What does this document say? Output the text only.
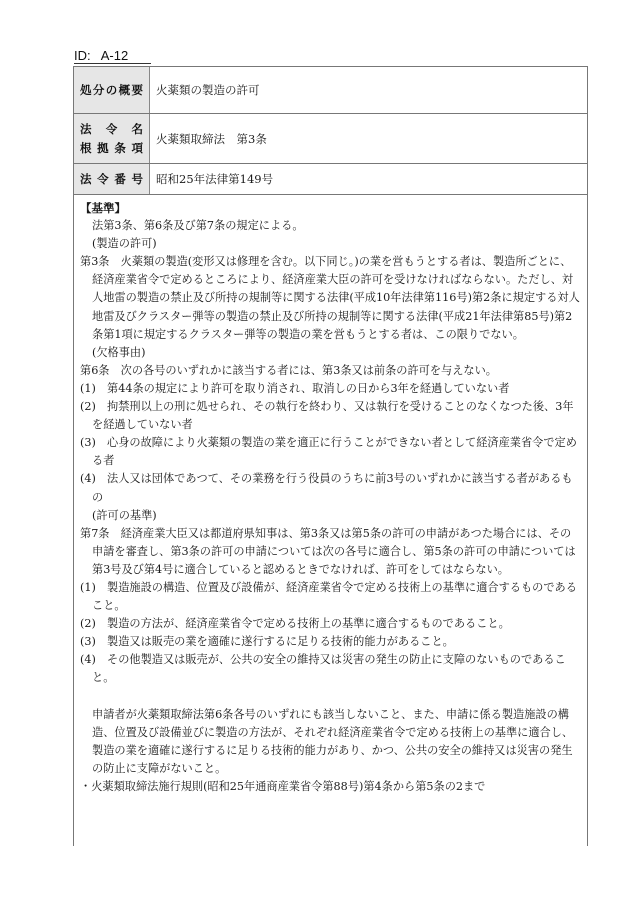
ID:   A-12
処分の概要	火薬類の製造の許可
法　令　名
根拠条項
火薬類取締法　第3条
法令番号	昭和25年法律第149号

【基準】

法第3条、第6条及び第7条の規定による。

(製造の許可)

第3条　火薬類の製造(変形又は修理を含む。以下同じ。)の業を営もうとする者は、製造所ごとに、経済産業省令で定めるところにより、経済産業大臣の許可を受けなければならない。ただし、対人地雷の製造の禁止及び所持の規制等に関する法律(平成10年法律第116号)第2条に規定する対人地雷及びクラスター弾等の製造の禁止及び所持の規制等に関する法律(平成21年法律第85号)第2条第1項に規定するクラスター弾等の製造の業を営もうとする者は、この限りでない。

(欠格事由)

第6条　次の各号のいずれかに該当する者には、第3条又は前条の許可を与えない。

(1)　第44条の規定により許可を取り消され、取消しの日から3年を経過していない者

(2)　拘禁刑以上の刑に処せられ、その執行を終わり、又は執行を受けることのなくなつた後、3年を経過していない者

(3)　心身の故障により火薬類の製造の業を適正に行うことができない者として経済産業省令で定める者

(4)　法人又は団体であつて、その業務を行う役員のうちに前3号のいずれかに該当する者があるもの

(許可の基準)

第7条　経済産業大臣又は都道府県知事は、第3条又は第5条の許可の申請があつた場合には、その申請を審査し、第3条の許可の申請については次の各号に適合し、第5条の許可の申請については第3号及び第4号に適合していると認めるときでなければ、許可をしてはならない。

(1)　製造施設の構造、位置及び設備が、経済産業省令で定める技術上の基準に適合するものであること。

(2)　製造の方法が、経済産業省令で定める技術上の基準に適合するものであること。

(3)　製造又は販売の業を適確に遂行するに足りる技術的能力があること。

(4)　その他製造又は販売が、公共の安全の維持又は災害の発生の防止に支障のないものであること。

申請者が火薬類取締法第6条各号のいずれにも該当しないこと、また、申請に係る製造施設の構造、位置及び設備並びに製造の方法が、それぞれ経済産業省令で定める技術上の基準に適合し、製造の業を適確に遂行するに足りる技術的能力があり、かつ、公共の安全の維持又は災害の発生の防止に支障がないこと。

・火薬類取締法施行規則(昭和25年通商産業省令第88号)第4条から第5条の2まで
